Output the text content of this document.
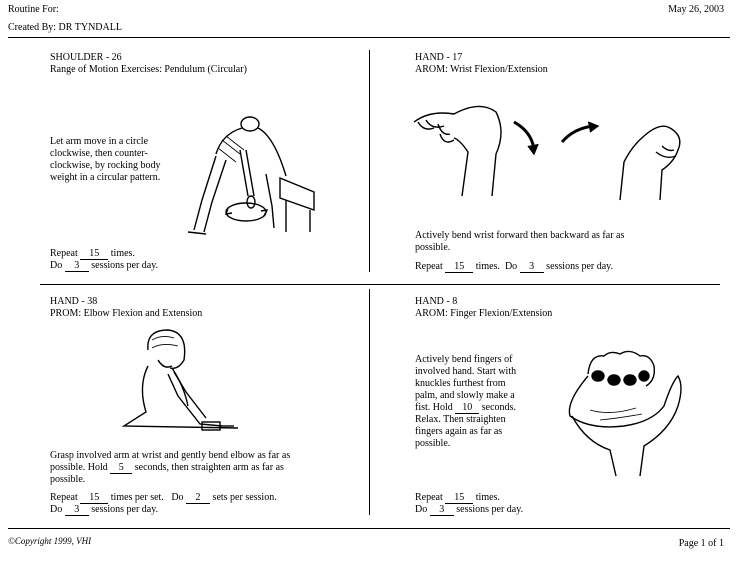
Routine For:
Created By: DR TYNDALL
May 26, 2003
SHOULDER - 26
Range of Motion Exercises: Pendulum (Circular)
Let arm move in a circle
clockwise, then counter-
clockwise, by rocking body
weight in a circular pattern.
Repeat 15 times.
Do 3 sessions per day.
HAND - 17
AROM: Wrist Flexion/Extension
Actively bend wrist forward then backward as far as
possible.
Repeat 15 times. Do 3 sessions per day.
HAND - 38
PROM: Elbow Flexion and Extension
Grasp involved arm at wrist and gently bend elbow as far as
possible. Hold 5 seconds, then straighten arm as far as
possible.
Repeat 15 times per set. Do 2 sets per session.
Do 3 sessions per day.
HAND - 8
AROM: Finger Flexion/Extension
Actively bend fingers of
involved hand. Start with
knuckles furthest from
palm, and slowly make a
fist. Hold 10 seconds.
Relax. Then straighten
fingers again as far as
possible.
Repeat 15 times.
Do 3 sessions per day.
©Copyright 1999, VHI	Page 1 of 1
